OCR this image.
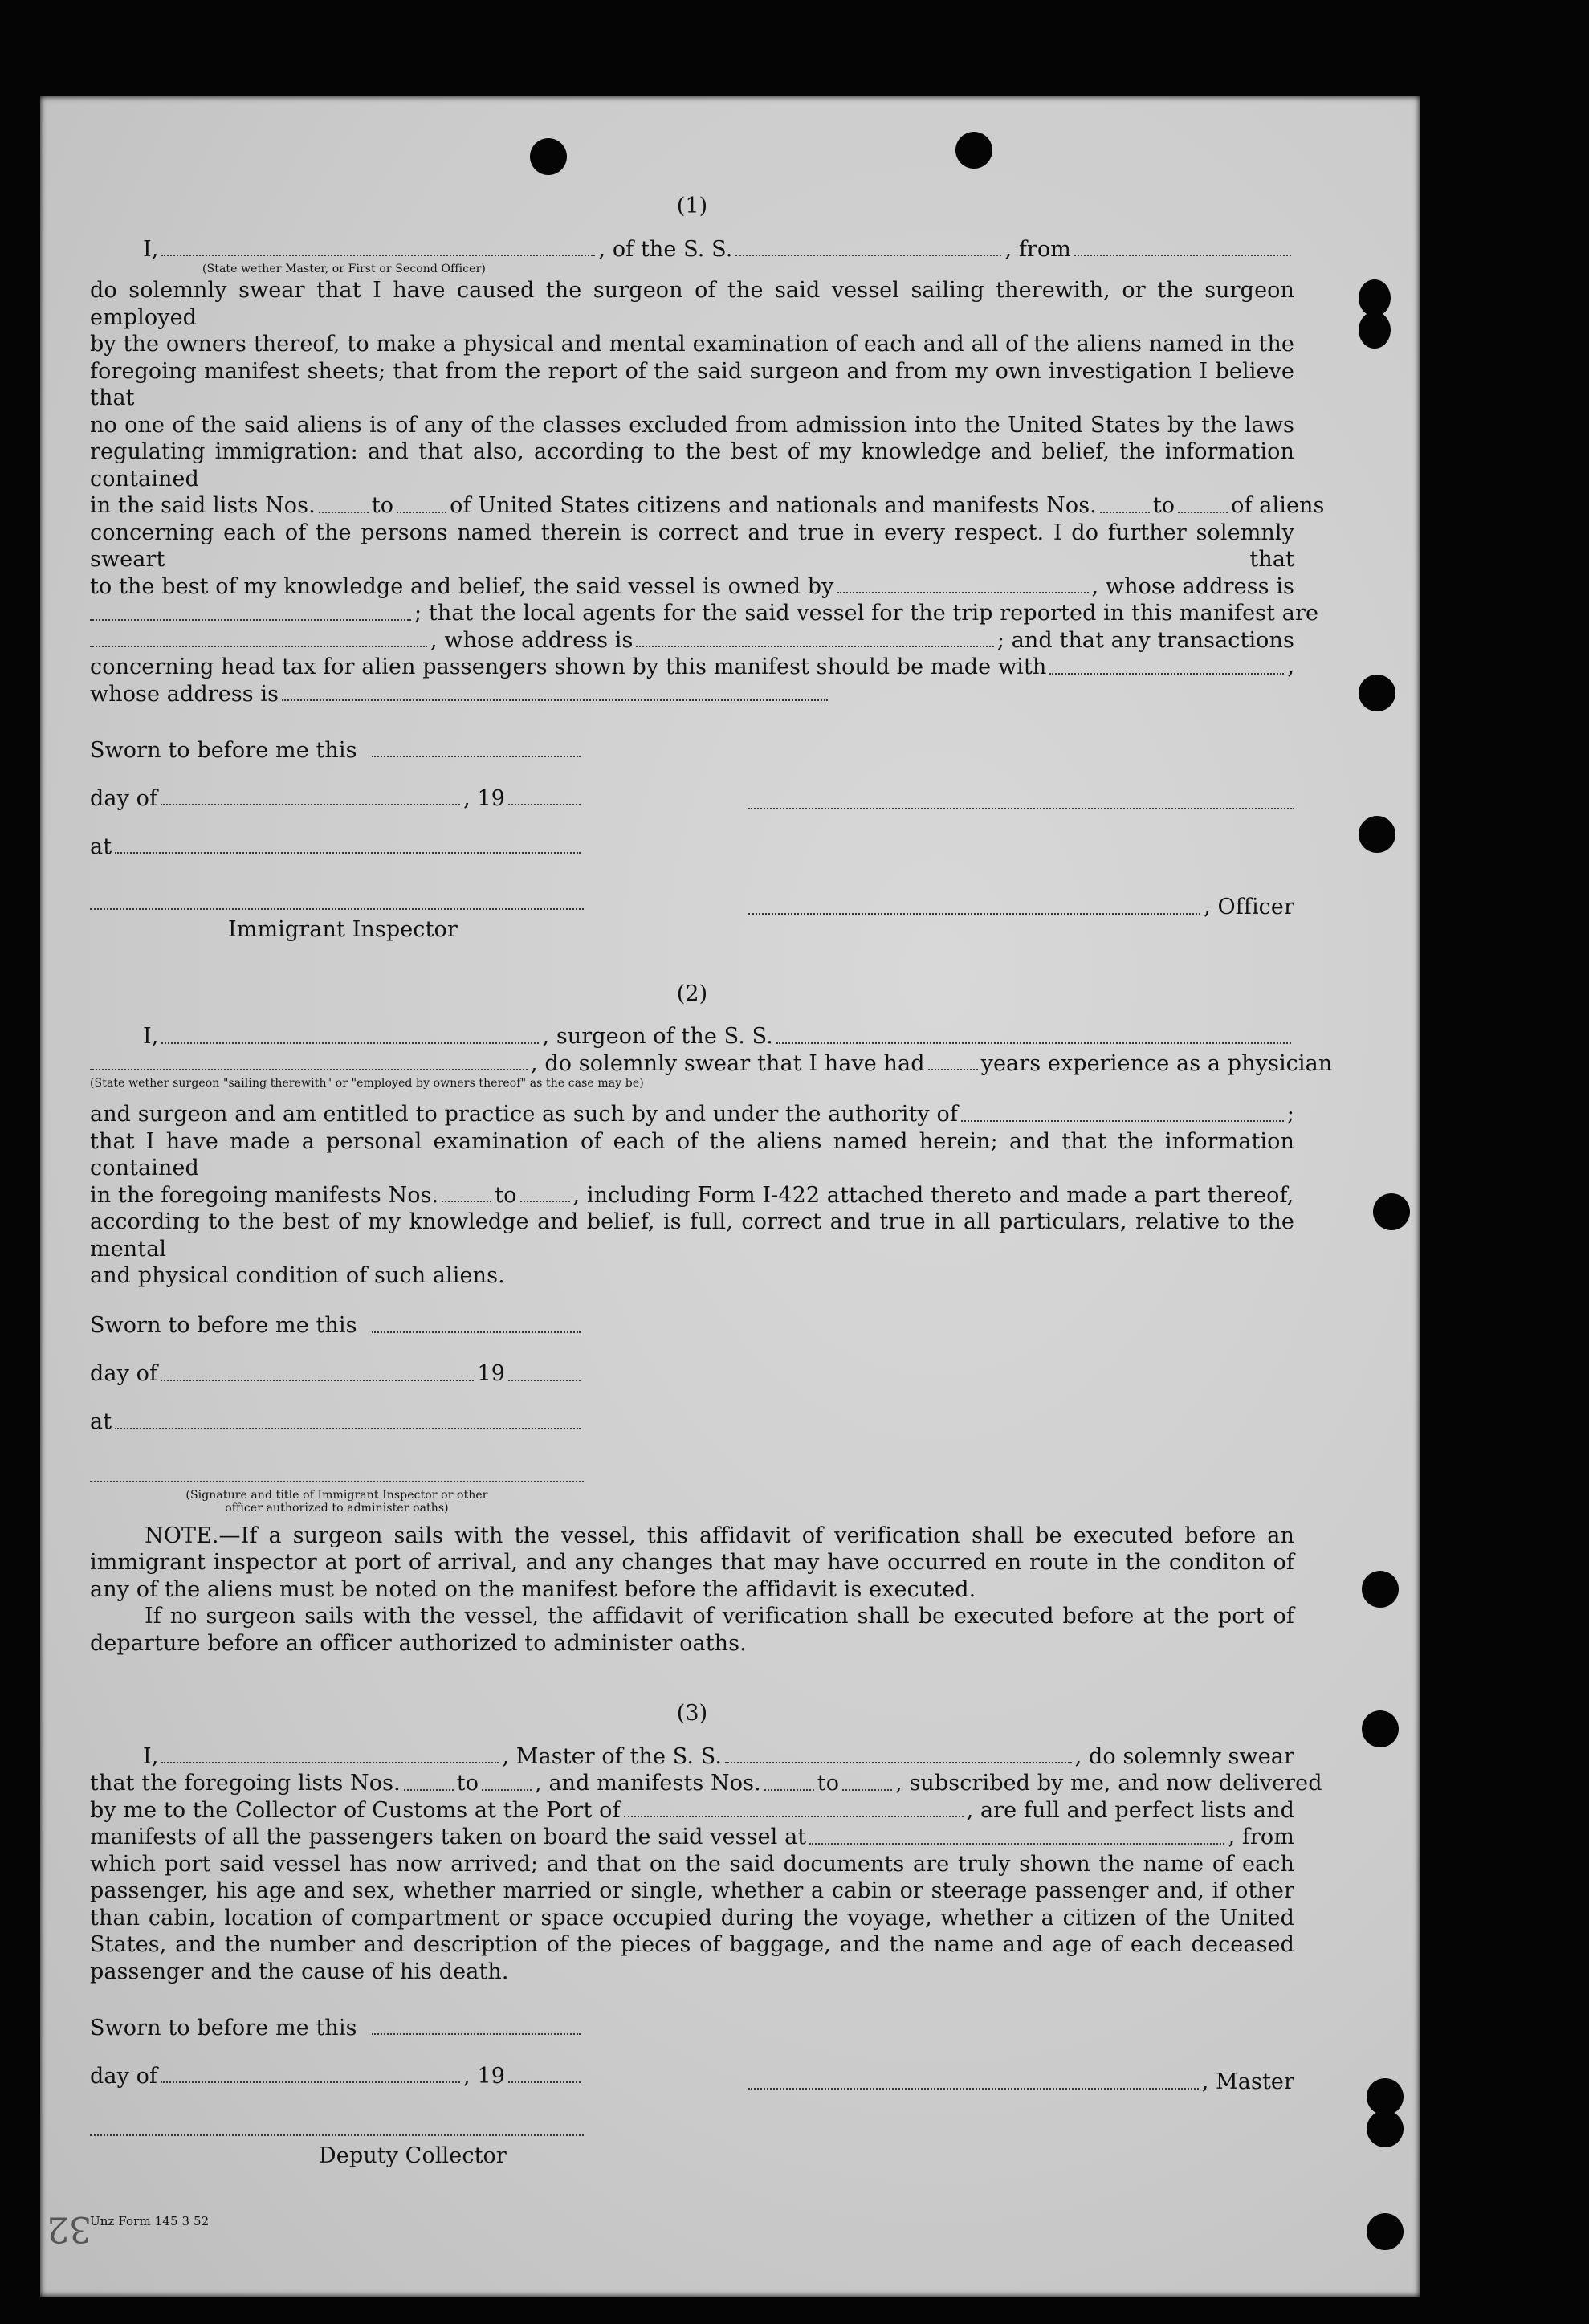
32
(1)
I,	, of the S. S.	, from
(State wether Master, or First or Second Officer)
do solemnly swear that I have caused the surgeon of the said vessel sailing therewith, or the surgeon employed
by the owners thereof, to make a physical and mental examination of each and all of the aliens named in the
foregoing manifest sheets; that from the report of the said surgeon and from my own investigation I believe that
no one of the said aliens is of any of the classes excluded from admission into the United States by the laws
regulating immigration: and that also, according to the best of my knowledge and belief, the information contained
in the said lists Nos.	to	of United States citizens and nationals and manifests Nos.	to	of aliens
concerning each of the persons named therein is correct and true in every respect. I do further solemnly sweart that
to the best of my knowledge and belief, the said vessel is owned by	, whose address is
; that the local agents for the said vessel for the trip reported in this manifest are
, whose address is	; and that any transactions
concerning head tax for alien passengers shown by this manifest should be made with	,
whose address is
Sworn to before me this
day of	, 19
at
Immigrant Inspector
, Officer
(2)
I,	, surgeon of the S. S.
, do solemnly swear that I have had	years experience as a physician
(State wether surgeon "sailing therewith" or "employed by owners thereof" as the case may be)
and surgeon and am entitled to practice as such by and under the authority of	;
that I have made a personal examination of each of the aliens named herein; and that the information contained
in the foregoing manifests Nos.	to	, including Form I-422 attached thereto and made a part thereof,
according to the best of my knowledge and belief, is full, correct and true in all particulars, relative to the mental
and physical condition of such aliens.
Sworn to before me this
day of	19
at
(Signature and title of Immigrant Inspector or other
officer authorized to administer oaths)
NOTE.—If a surgeon sails with the vessel, this affidavit of verification shall be executed before an immigrant inspector at port of arrival, and any changes that may have occurred en route in the conditon of any of the aliens must be noted on the manifest before the affidavit is executed.
If no surgeon sails with the vessel, the affidavit of verification shall be executed before at the port of departure before an officer authorized to administer oaths.
(3)
I,	, Master of the S. S.	, do solemnly swear
that the foregoing lists Nos.	to	, and manifests Nos.	to	, subscribed by me, and now delivered
by me to the Collector of Customs at the Port of	, are full and perfect lists and
manifests of all the passengers taken on board the said vessel at	, from
which port said vessel has now arrived; and that on the said documents are truly shown the name of each passenger, his age and sex, whether married or single, whether a cabin or steerage passenger and, if other than cabin, location of compartment or space occupied during the voyage, whether a citizen of the United States, and the number and description of the pieces of baggage, and the name and age of each deceased passenger and the cause of his death.
Sworn to before me this
day of	, 19
Deputy Collector
, Master
Unz Form 145 3 52
